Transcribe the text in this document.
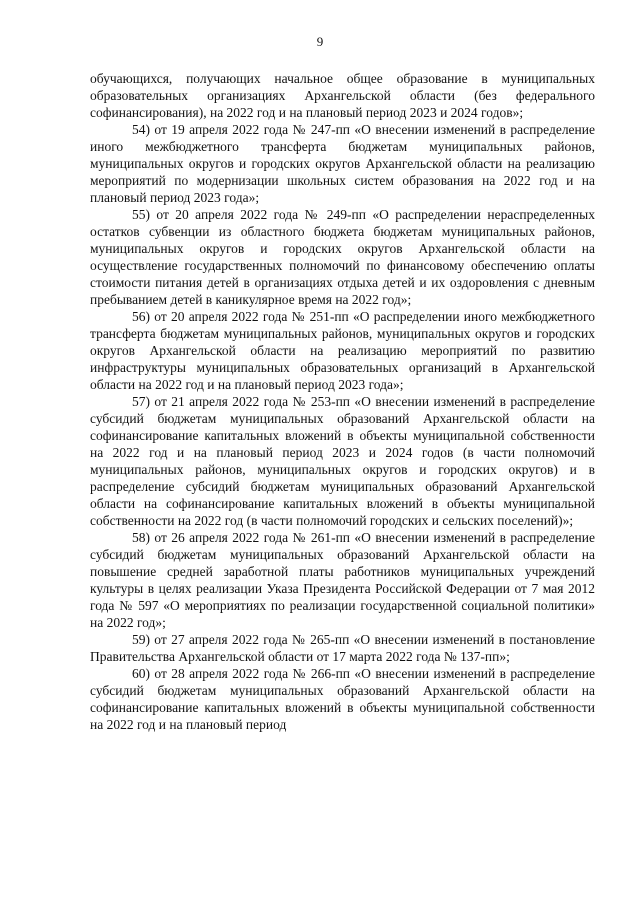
9

обучающихся, получающих начальное общее образование в муниципальных образовательных организациях Архангельской области (без федерального софинансирования), на 2022 год и на плановый период 2023 и 2024 годов»;

54) от 19 апреля 2022 года № 247-пп «О внесении изменений в распределение иного межбюджетного трансферта бюджетам муниципальных районов, муниципальных округов и городских округов Архангельской области на реализацию мероприятий по модернизации школьных систем образования на 2022 год и на плановый период 2023 года»;

55) от 20 апреля 2022 года № 249-пп «О распределении нераспределенных остатков субвенции из областного бюджета бюджетам муниципальных районов, муниципальных округов и городских округов Архангельской области на осуществление государственных полномочий по финансовому обеспечению оплаты стоимости питания детей в организациях отдыха детей и их оздоровления с дневным пребыванием детей в каникулярное время на 2022 год»;

56) от 20 апреля 2022 года № 251-пп «О распределении иного межбюджетного трансферта бюджетам муниципальных районов, муниципальных округов и городских округов Архангельской области на реализацию мероприятий по развитию инфраструктуры муниципальных образовательных организаций в Архангельской области на 2022 год и на плановый период 2023 года»;

57) от 21 апреля 2022 года № 253-пп «О внесении изменений в распределение субсидий бюджетам муниципальных образований Архангельской области на софинансирование капитальных вложений в объекты муниципальной собственности на 2022 год и на плановый период 2023 и 2024 годов (в части полномочий муниципальных районов, муниципальных округов и городских округов) и в распределение субсидий бюджетам муниципальных образований Архангельской области на софинансирование капитальных вложений в объекты муниципальной собственности на 2022 год (в части полномочий городских и сельских поселений)»;

58) от 26 апреля 2022 года № 261-пп «О внесении изменений в распределение субсидий бюджетам муниципальных образований Архангельской области на повышение средней заработной платы работников муниципальных учреждений культуры в целях реализации Указа Президента Российской Федерации от 7 мая 2012 года № 597 «О мероприятиях по реализации государственной социальной политики» на 2022 год»;

59) от 27 апреля 2022 года № 265-пп «О внесении изменений в постановление Правительства Архангельской области от 17 марта 2022 года № 137-пп»;

60) от 28 апреля 2022 года № 266-пп «О внесении изменений в распределение субсидий бюджетам муниципальных образований Архангельской области на софинансирование капитальных вложений в объекты муниципальной собственности на 2022 год и на плановый период
